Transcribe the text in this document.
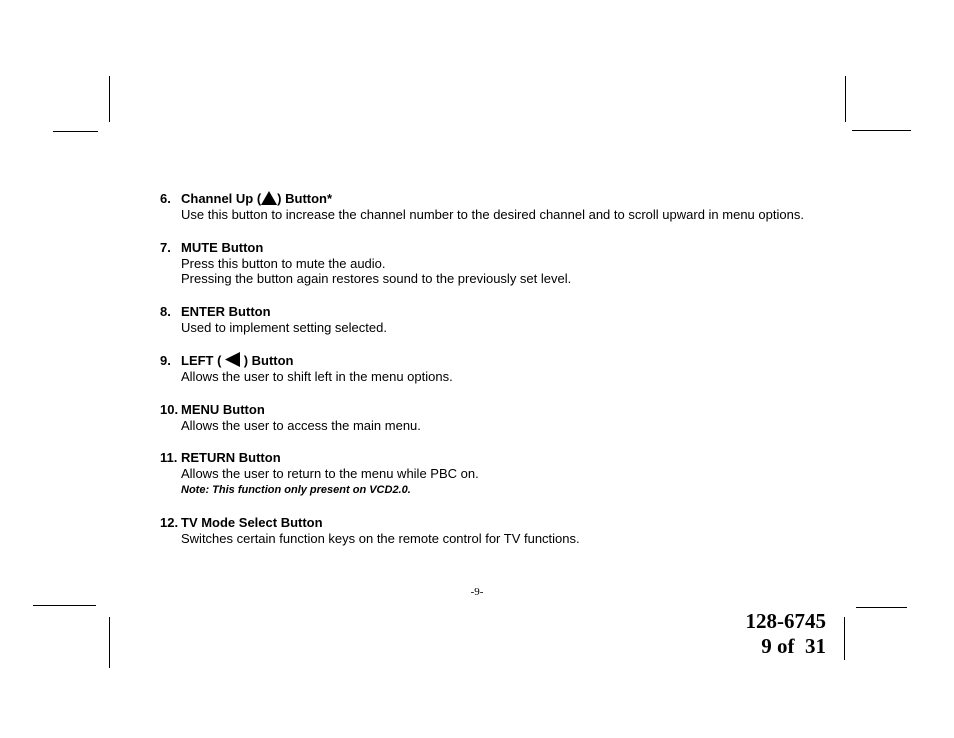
6. Channel Up ( ) Button*
Use this button to increase the channel number to the desired channel and to scroll upward in menu options.
7. MUTE Button
Press this button to mute the audio.
Pressing the button again restores sound to the previously set level.
8. ENTER Button
Used to implement setting selected.
9. LEFT ( ) Button
Allows the user to shift left in the menu options.
10. MENU Button
Allows the user to access the main menu.
11. RETURN Button
Allows the user to return to the menu while PBC on.
Note: This function only present on VCD2.0.
12. TV Mode Select Button
Switches certain function keys on the remote control for TV functions.
-9-
128-6745
9 of  31
